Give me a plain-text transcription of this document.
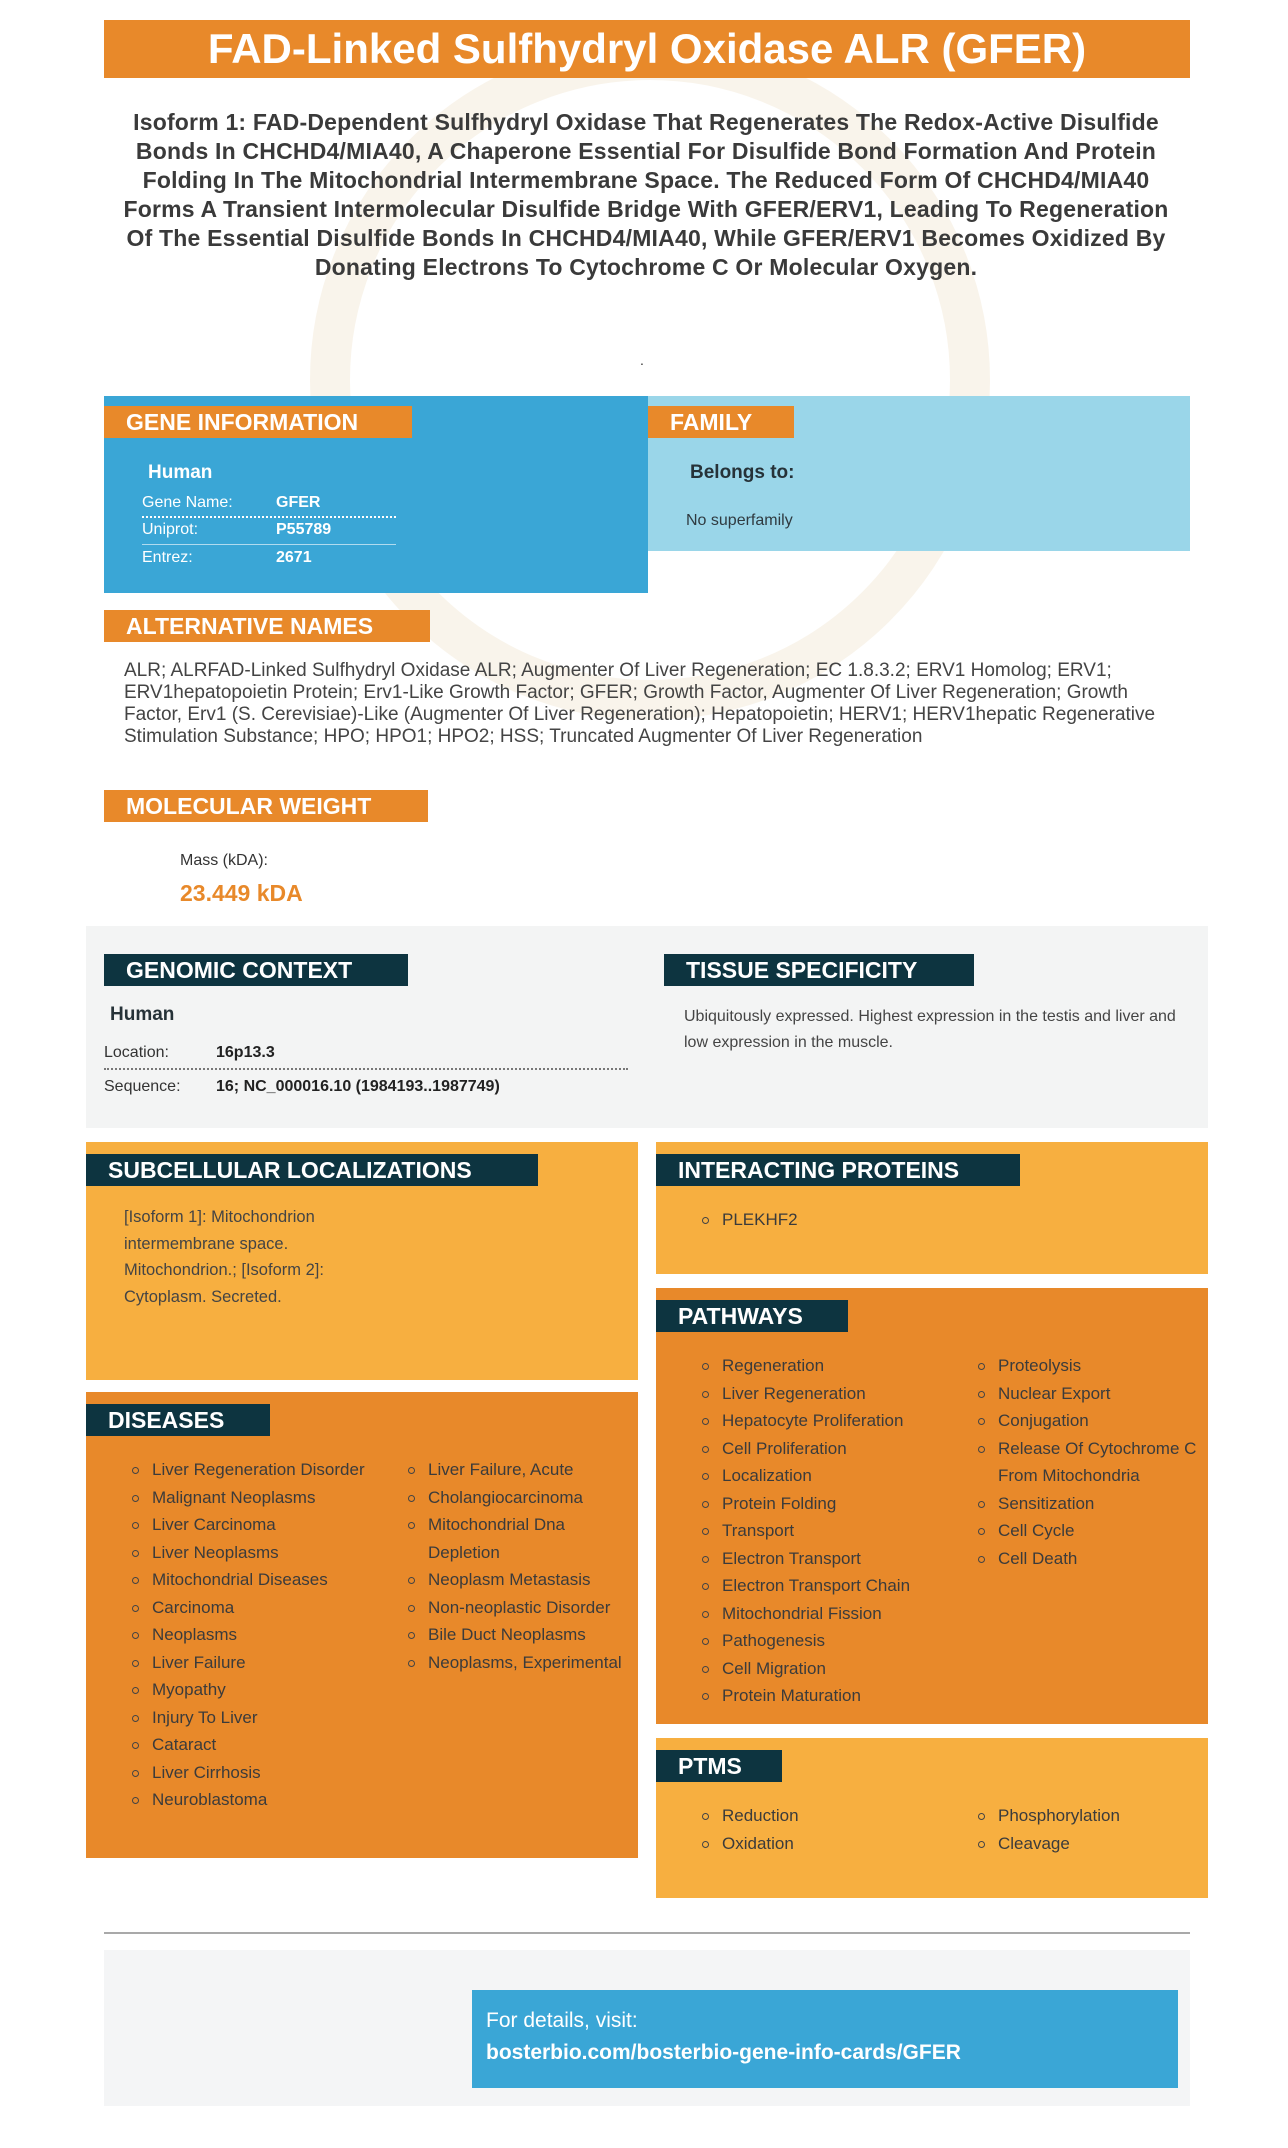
FAD-Linked Sulfhydryl Oxidase ALR (GFER)
Isoform 1: FAD-Dependent Sulfhydryl Oxidase That Regenerates The Redox-Active Disulfide Bonds In CHCHD4/MIA40, A Chaperone Essential For Disulfide Bond Formation And Protein Folding In The Mitochondrial Intermembrane Space. The Reduced Form Of CHCHD4/MIA40 Forms A Transient Intermolecular Disulfide Bridge With GFER/ERV1, Leading To Regeneration Of The Essential Disulfide Bonds In CHCHD4/MIA40, While GFER/ERV1 Becomes Oxidized By Donating Electrons To Cytochrome C Or Molecular Oxygen.
.
GENE INFORMATION
Human
Gene Name:	GFER
Uniprot:	P55789
Entrez:	2671
FAMILY
Belongs to:
No superfamily
ALTERNATIVE NAMES
ALR; ALRFAD-Linked Sulfhydryl Oxidase ALR; Augmenter Of Liver Regeneration; EC 1.8.3.2; ERV1 Homolog; ERV1; ERV1hepatopoietin Protein; Erv1-Like Growth Factor; GFER; Growth Factor, Augmenter Of Liver Regeneration; Growth Factor, Erv1 (S. Cerevisiae)-Like (Augmenter Of Liver Regeneration); Hepatopoietin; HERV1; HERV1hepatic Regenerative Stimulation Substance; HPO; HPO1; HPO2; HSS; Truncated Augmenter Of Liver Regeneration
MOLECULAR WEIGHT
Mass (kDA):
23.449 kDA
GENOMIC CONTEXT
Human
Location:	16p13.3
Sequence: 16; NC_000016.10 (1984193..1987749)
TISSUE SPECIFICITY
Ubiquitously expressed. Highest expression in the testis and liver and low expression in the muscle.
SUBCELLULAR LOCALIZATIONS
[Isoform 1]: Mitochondrion intermembrane space. Mitochondrion.; [Isoform 2]: Cytoplasm. Secreted.
INTERACTING PROTEINS
PLEKHF2
PATHWAYS
Regeneration
Liver Regeneration
Hepatocyte Proliferation
Cell Proliferation
Localization
Protein Folding
Transport
Electron Transport
Electron Transport Chain
Mitochondrial Fission
Pathogenesis
Cell Migration
Protein Maturation
Proteolysis
Nuclear Export
Conjugation
Release Of Cytochrome C From Mitochondria
Sensitization
Cell Cycle
Cell Death
DISEASES
Liver Regeneration Disorder
Malignant Neoplasms
Liver Carcinoma
Liver Neoplasms
Mitochondrial Diseases
Carcinoma
Neoplasms
Liver Failure
Myopathy
Injury To Liver
Cataract
Liver Cirrhosis
Neuroblastoma
Liver Failure, Acute
Cholangiocarcinoma
Mitochondrial Dna Depletion
Neoplasm Metastasis
Non-neoplastic Disorder
Bile Duct Neoplasms
Neoplasms, Experimental
PTMS
Reduction
Oxidation
Phosphorylation
Cleavage
For details, visit:
bosterbio.com/bosterbio-gene-info-cards/GFER
